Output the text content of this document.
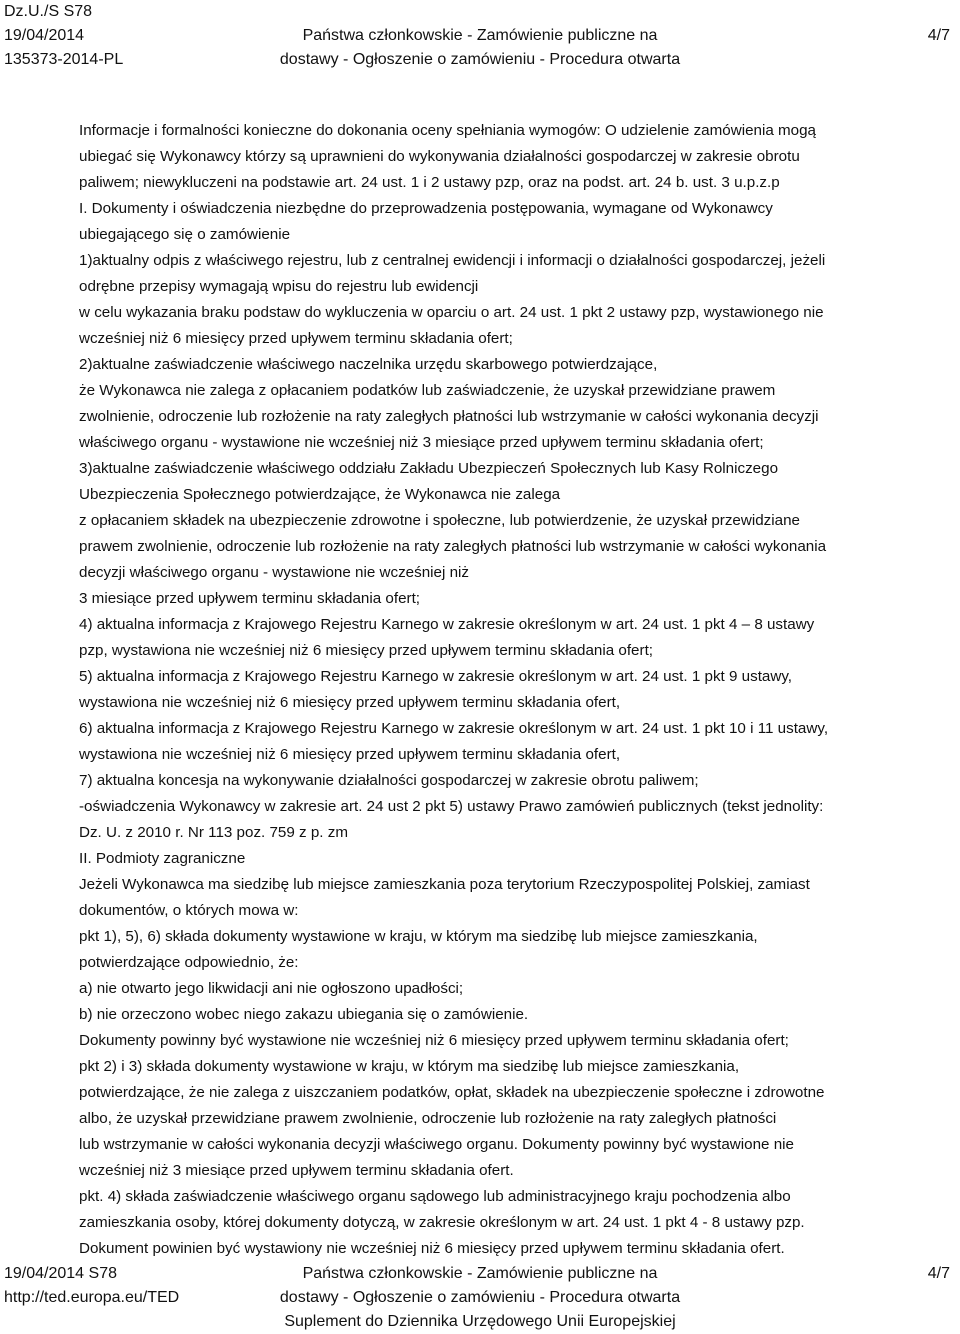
Dz.U./S S78
19/04/2014
135373-2014-PL
Państwa członkowskie - Zamówienie publiczne na
dostawy - Ogłoszenie o zamówieniu - Procedura otwarta
4/7
Informacje i formalności konieczne do dokonania oceny spełniania wymogów: O udzielenie zamówienia mogą
ubiegać się Wykonawcy którzy są uprawnieni do wykonywania działalności gospodarczej w zakresie obrotu
paliwem; niewykluczeni na podstawie art. 24 ust. 1 i 2 ustawy pzp, oraz na podst. art. 24 b. ust. 3 u.p.z.p
I. Dokumenty i oświadczenia niezbędne do przeprowadzenia postępowania, wymagane od Wykonawcy
ubiegającego się o zamówienie
1)aktualny odpis z właściwego rejestru, lub z centralnej ewidencji i informacji o działalności gospodarczej, jeżeli
odrębne przepisy wymagają wpisu do rejestru lub ewidencji
w celu wykazania braku podstaw do wykluczenia w oparciu o art. 24 ust. 1 pkt 2 ustawy pzp, wystawionego nie
wcześniej niż 6 miesięcy przed upływem terminu składania ofert;
2)aktualne zaświadczenie właściwego naczelnika urzędu skarbowego potwierdzające,
że Wykonawca nie zalega z opłacaniem podatków lub zaświadczenie, że uzyskał przewidziane prawem
zwolnienie, odroczenie lub rozłożenie na raty zaległych płatności lub wstrzymanie w całości wykonania decyzji
właściwego organu - wystawione nie wcześniej niż 3 miesiące przed upływem terminu składania ofert;
3)aktualne zaświadczenie właściwego oddziału Zakładu Ubezpieczeń Społecznych lub Kasy Rolniczego
Ubezpieczenia Społecznego potwierdzające, że Wykonawca nie zalega
z opłacaniem składek na ubezpieczenie zdrowotne i społeczne, lub potwierdzenie, że uzyskał przewidziane
prawem zwolnienie, odroczenie lub rozłożenie na raty zaległych płatności lub wstrzymanie w całości wykonania
decyzji właściwego organu - wystawione nie wcześniej niż
3 miesiące przed upływem terminu składania ofert;
4) aktualna informacja z Krajowego Rejestru Karnego w zakresie określonym w art. 24 ust. 1 pkt 4 – 8 ustawy
pzp, wystawiona nie wcześniej niż 6 miesięcy przed upływem terminu składania ofert;
5) aktualna informacja z Krajowego Rejestru Karnego w zakresie określonym w art. 24 ust. 1 pkt 9 ustawy,
wystawiona nie wcześniej niż 6 miesięcy przed upływem terminu składania ofert,
6) aktualna informacja z Krajowego Rejestru Karnego w zakresie określonym w art. 24 ust. 1 pkt 10 i 11 ustawy,
wystawiona nie wcześniej niż 6 miesięcy przed upływem terminu składania ofert,
7) aktualna koncesja na wykonywanie działalności gospodarczej w zakresie obrotu paliwem;
-oświadczenia Wykonawcy w zakresie art. 24 ust 2 pkt 5) ustawy Prawo zamówień publicznych (tekst jednolity:
Dz. U. z 2010 r. Nr 113 poz. 759 z p. zm
II. Podmioty zagraniczne
Jeżeli Wykonawca ma siedzibę lub miejsce zamieszkania poza terytorium Rzeczypospolitej Polskiej, zamiast
dokumentów, o których mowa w:
pkt 1), 5), 6) składa dokumenty wystawione w kraju, w którym ma siedzibę lub miejsce zamieszkania,
potwierdzające odpowiednio, że:
a) nie otwarto jego likwidacji ani nie ogłoszono upadłości;
b) nie orzeczono wobec niego zakazu ubiegania się o zamówienie.
Dokumenty powinny być wystawione nie wcześniej niż 6 miesięcy przed upływem terminu składania ofert;
pkt 2) i 3) składa dokumenty wystawione w kraju, w którym ma siedzibę lub miejsce zamieszkania,
potwierdzające, że nie zalega z uiszczaniem podatków, opłat, składek na ubezpieczenie społeczne i zdrowotne
albo, że uzyskał przewidziane prawem zwolnienie, odroczenie lub rozłożenie na raty zaległych płatności
lub wstrzymanie w całości wykonania decyzji właściwego organu. Dokumenty powinny być wystawione nie
wcześniej niż 3 miesiące przed upływem terminu składania ofert.
pkt. 4) składa zaświadczenie właściwego organu sądowego lub administracyjnego kraju pochodzenia albo
zamieszkania osoby, której dokumenty dotyczą, w zakresie określonym w art. 24 ust. 1 pkt 4 - 8 ustawy pzp.
Dokument powinien być wystawiony nie wcześniej niż 6 miesięcy przed upływem terminu składania ofert.
19/04/2014 S78
http://ted.europa.eu/TED
Państwa członkowskie - Zamówienie publiczne na
dostawy - Ogłoszenie o zamówieniu - Procedura otwarta
Suplement do Dziennika Urzędowego Unii Europejskiej
4/7
